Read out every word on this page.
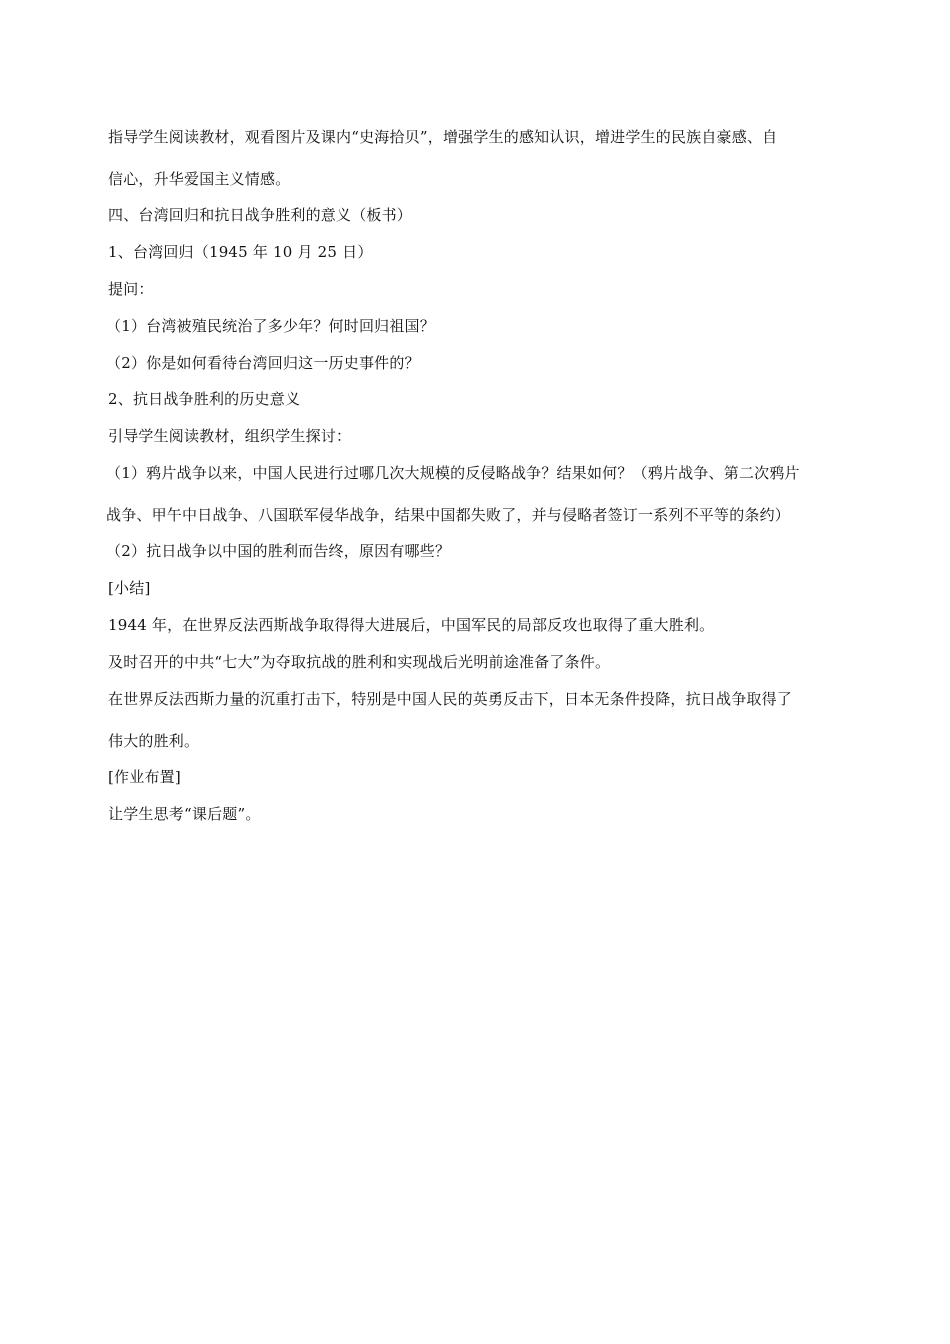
指导学生阅读教材，观看图片及课内“史海拾贝”，增强学生的感知认识，增进学生的民族自豪感、自
信心，升华爱国主义情感。
四、台湾回归和抗日战争胜利的意义（板书）
1、台湾回归（1945 年 10 月 25 日）
提问：
（1）台湾被殖民统治了多少年？何时回归祖国？
（2）你是如何看待台湾回归这一历史事件的？
2、抗日战争胜利的历史意义
引导学生阅读教材，组织学生探讨：
（1）鸦片战争以来，中国人民进行过哪几次大规模的反侵略战争？结果如何？（鸦片战争、第二次鸦片
战争、甲午中日战争、八国联军侵华战争，结果中国都失败了，并与侵略者签订一系列不平等的条约）
（2）抗日战争以中国的胜利而告终，原因有哪些？
[小结]
1944 年，在世界反法西斯战争取得得大进展后，中国军民的局部反攻也取得了重大胜利。
及时召开的中共“七大”为夺取抗战的胜利和实现战后光明前途准备了条件。
在世界反法西斯力量的沉重打击下，特别是中国人民的英勇反击下，日本无条件投降，抗日战争取得了
伟大的胜利。
[作业布置]
让学生思考“课后题”。
